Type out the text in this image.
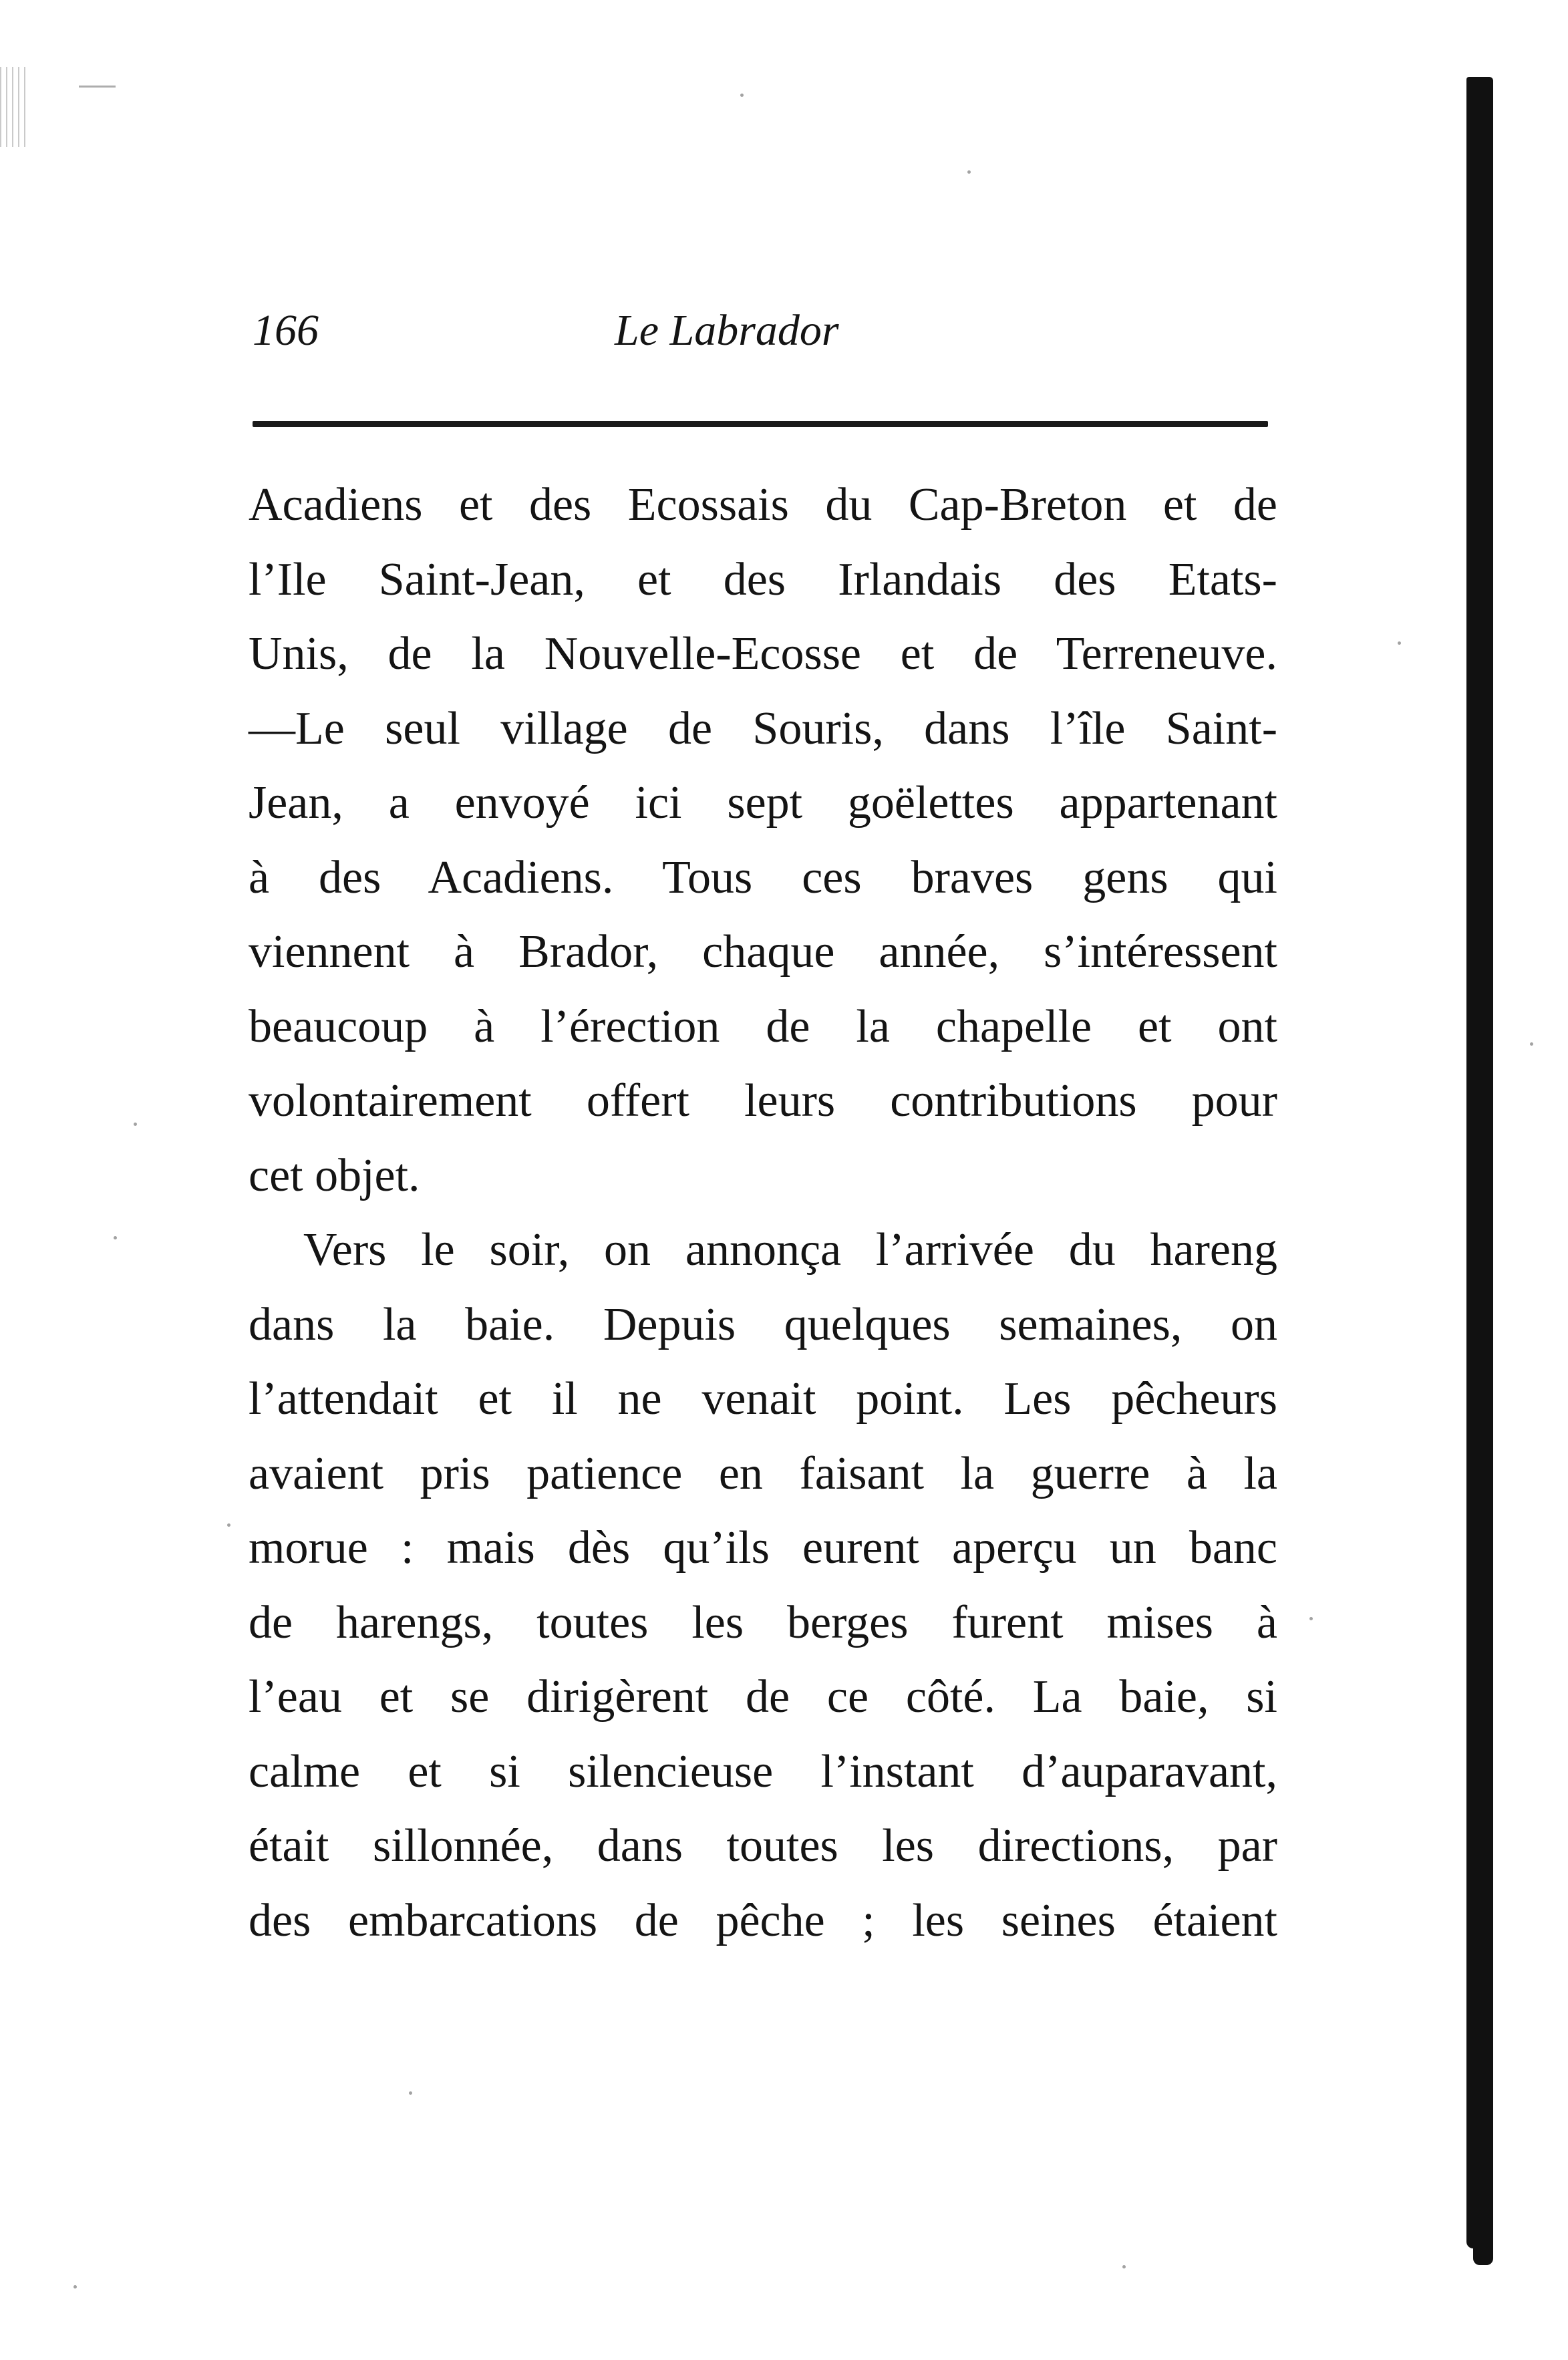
166	Le Labrador
Acadiens et des Ecossais du Cap-Breton et de
l’Ile Saint-Jean, et des Irlandais des Etats-
Unis, de la Nouvelle-Ecosse et de Terreneuve.
—Le seul village de Souris, dans l’île Saint-
Jean, a envoyé ici sept goëlettes appartenant
à des Acadiens. Tous ces braves gens qui
viennent à Brador, chaque année, s’intéressent
beaucoup à l’érection de la chapelle et ont
volontairement offert leurs contributions pour
cet objet.
Vers le soir, on annonça l’arrivée du hareng
dans la baie. Depuis quelques semaines, on
l’attendait et il ne venait point. Les pêcheurs
avaient pris patience en faisant la guerre à la
morue : mais dès qu’ils eurent aperçu un banc
de harengs, toutes les berges furent mises à
l’eau et se dirigèrent de ce côté. La baie, si
calme et si silencieuse l’instant d’auparavant,
était sillonnée, dans toutes les directions, par
des embarcations de pêche ; les seines étaient
